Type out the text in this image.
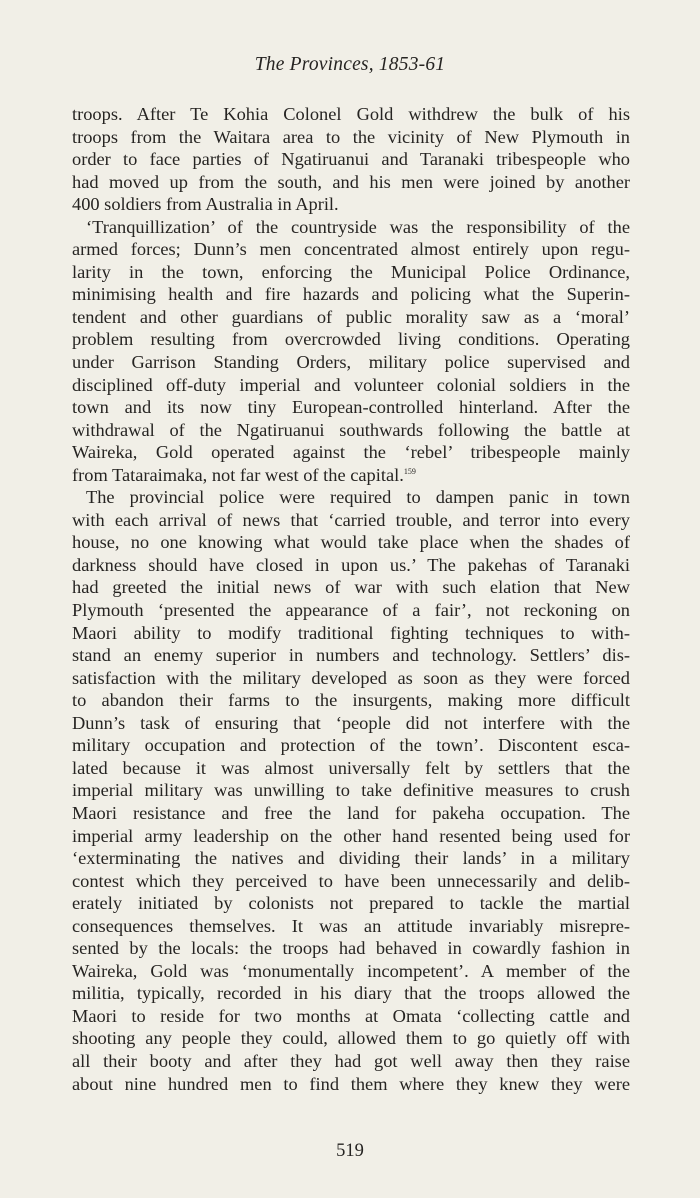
The Provinces, 1853-61
troops. After Te Kohia Colonel Gold withdrew the bulk of his
troops from the Waitara area to the vicinity of New Plymouth in
order to face parties of Ngatiruanui and Taranaki tribespeople who
had moved up from the south, and his men were joined by another
400 soldiers from Australia in April.
‘Tranquillization’ of the countryside was the responsibility of the
armed forces; Dunn’s men concentrated almost entirely upon regu-
larity in the town, enforcing the Municipal Police Ordinance,
minimising health and fire hazards and policing what the Superin-
tendent and other guardians of public morality saw as a ‘moral’
problem resulting from overcrowded living conditions. Operating
under Garrison Standing Orders, military police supervised and
disciplined off-duty imperial and volunteer colonial soldiers in the
town and its now tiny European-controlled hinterland. After the
withdrawal of the Ngatiruanui southwards following the battle at
Waireka, Gold operated against the ‘rebel’ tribespeople mainly
from Tataraimaka, not far west of the capital.$^{159}$
The provincial police were required to dampen panic in town
with each arrival of news that ‘carried trouble, and terror into every
house, no one knowing what would take place when the shades of
darkness should have closed in upon us.’ The pakehas of Taranaki
had greeted the initial news of war with such elation that New
Plymouth ‘presented the appearance of a fair’, not reckoning on
Maori ability to modify traditional fighting techniques to with-
stand an enemy superior in numbers and technology. Settlers’ dis-
satisfaction with the military developed as soon as they were forced
to abandon their farms to the insurgents, making more difficult
Dunn’s task of ensuring that ‘people did not interfere with the
military occupation and protection of the town’. Discontent esca-
lated because it was almost universally felt by settlers that the
imperial military was unwilling to take definitive measures to crush
Maori resistance and free the land for pakeha occupation. The
imperial army leadership on the other hand resented being used for
‘exterminating the natives and dividing their lands’ in a military
contest which they perceived to have been unnecessarily and delib-
erately initiated by colonists not prepared to tackle the martial
consequences themselves. It was an attitude invariably misrepre-
sented by the locals: the troops had behaved in cowardly fashion in
Waireka, Gold was ‘monumentally incompetent’. A member of the
militia, typically, recorded in his diary that the troops allowed the
Maori to reside for two months at Omata ‘collecting cattle and
shooting any people they could, allowed them to go quietly off with
all their booty and after they had got well away then they raise
about nine hundred men to find them where they knew they were
519
